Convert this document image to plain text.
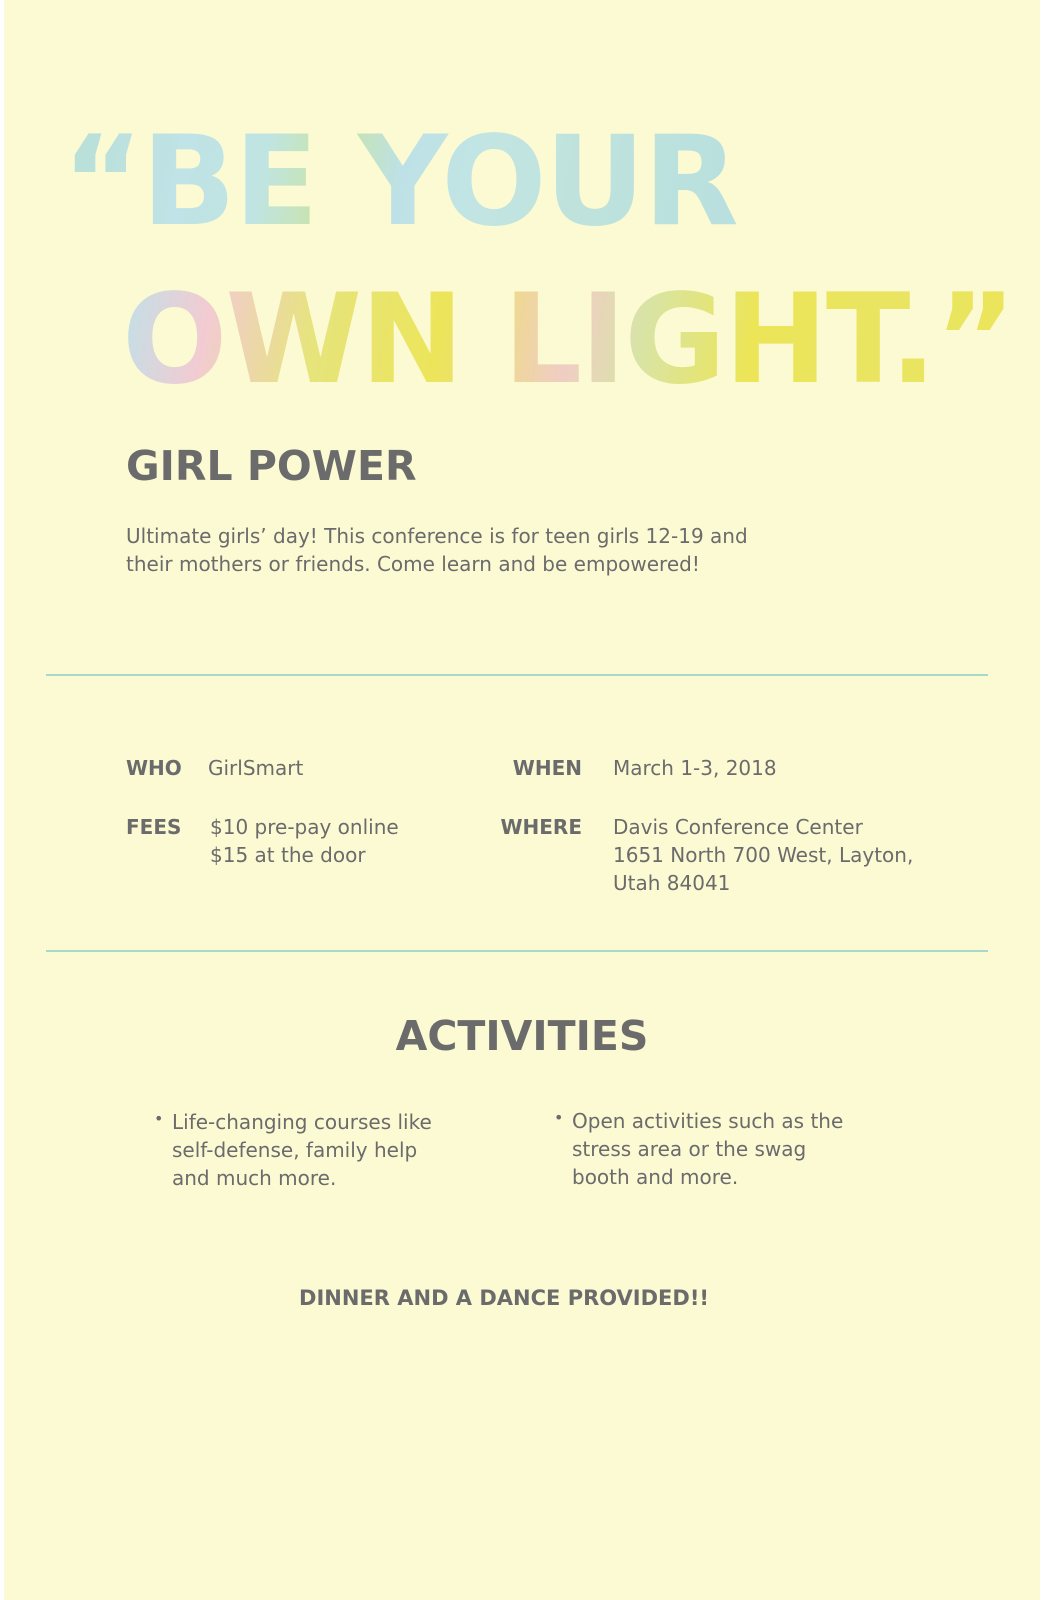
“BE YOUR
OWN LIGHT.”
GIRL POWER
Ultimate girls’ day! This conference is for teen girls 12-19 and
their mothers or friends. Come learn and be empowered!
WHO GirlSmart
FEES $10 pre-pay online
$15 at the door
WHEN March 1-3, 2018
WHERE Davis Conference Center
1651 North 700 West, Layton,
Utah 84041
ACTIVITIES
• Life-changing courses like
self-defense, family help
and much more.
• Open activities such as the
stress area or the swag
booth and more.
DINNER AND A DANCE PROVIDED!!
